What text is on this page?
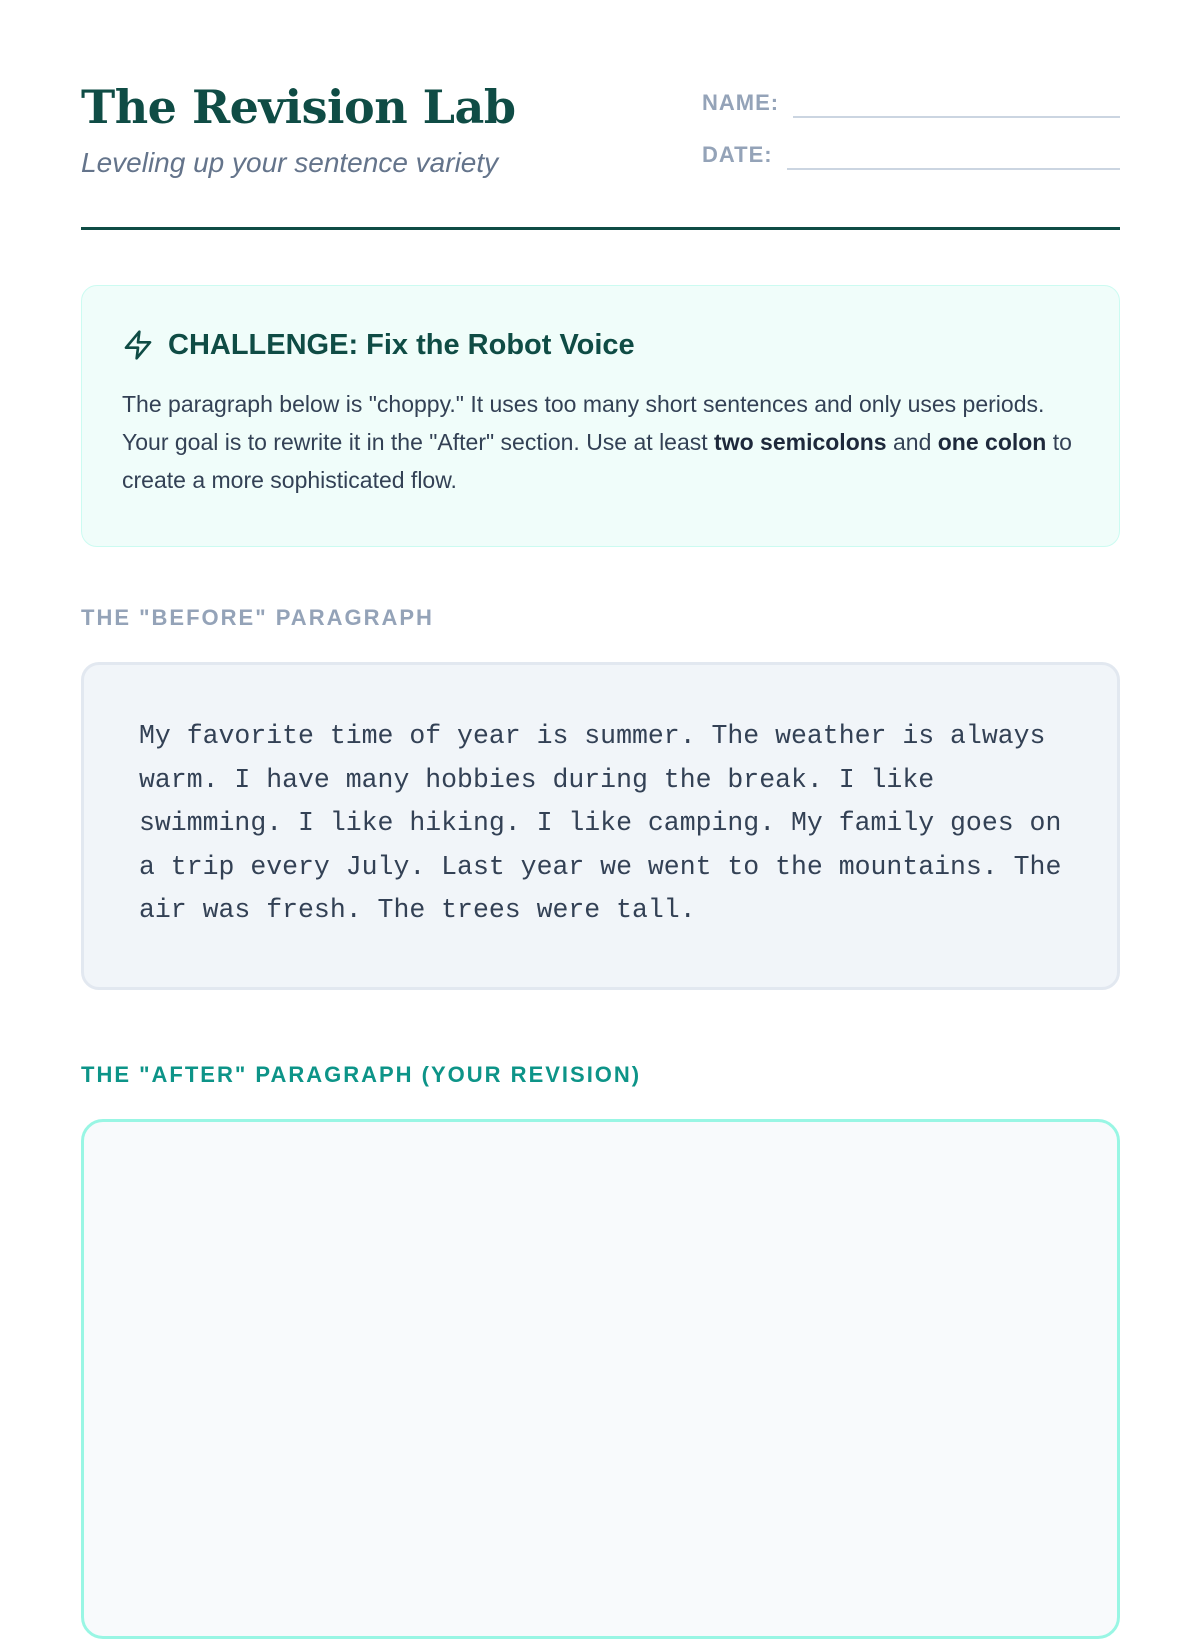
The Revision Lab

Leveling up your sentence variety

NAME:
DATE:
CHALLENGE: Fix the Robot Voice

The paragraph below is "choppy." It uses too many short sentences and only uses periods. Your goal is to rewrite it in the "After" section. Use at least two semicolons and one colon to create a more sophisticated flow.

THE "BEFORE" PARAGRAPH

My favorite time of year is summer. The weather is always warm. I have many hobbies during the break. I like swimming. I like hiking. I like camping. My family goes on a trip every July. Last year we went to the mountains. The air was fresh. The trees were tall.

THE "AFTER" PARAGRAPH (YOUR REVISION)
